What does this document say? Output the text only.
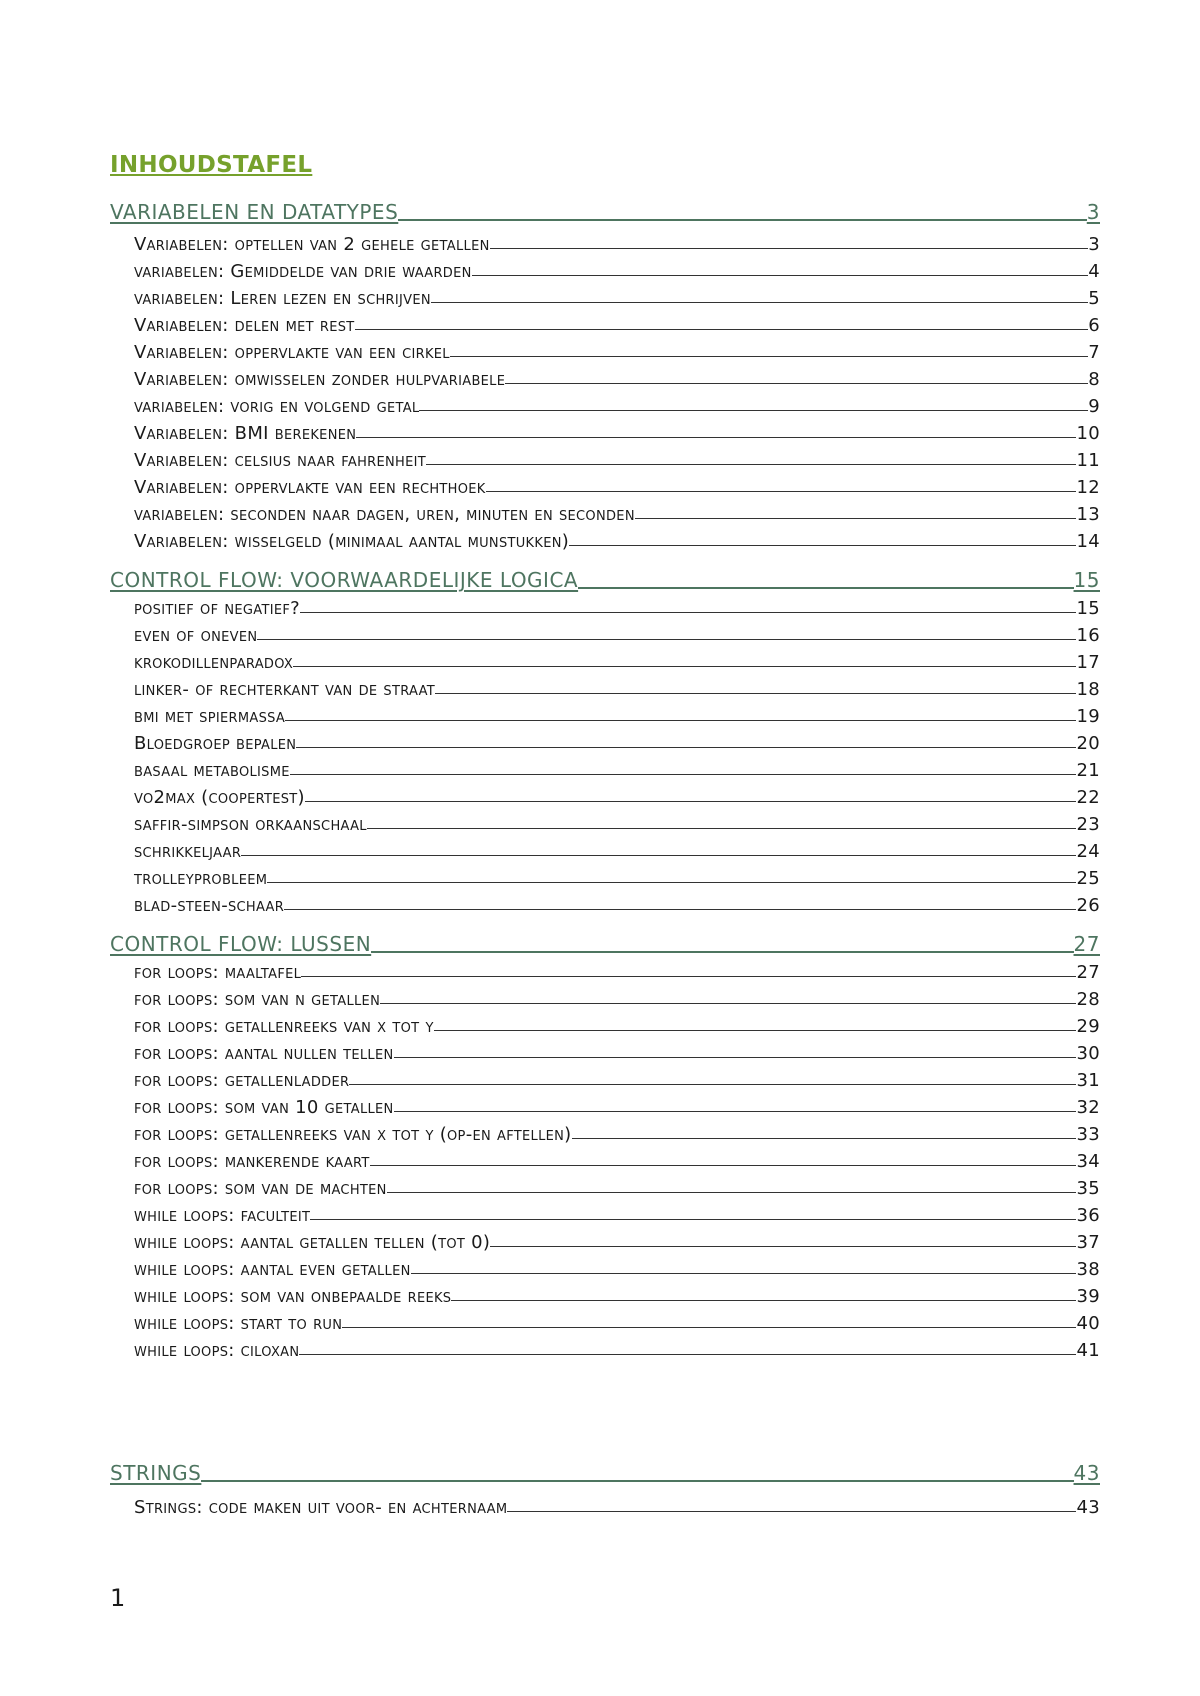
INHOUDSTAFEL
VARIABELEN EN DATATYPES	3
Variabelen: optellen van 2 gehele getallen	3
variabelen: Gemiddelde van drie waarden	4
variabelen: Leren lezen en schrijven	5
Variabelen: delen met rest	6
Variabelen: oppervlakte van een cirkel	7
Variabelen: omwisselen zonder hulpvariabele	8
variabelen: vorig en volgend getal	9
Variabelen: BMI berekenen	10
Variabelen: celsius naar fahrenheit	11
Variabelen: oppervlakte van een rechthoek	12
variabelen: seconden naar dagen, uren, minuten en seconden	13
Variabelen: wisselgeld (minimaal aantal munstukken)	14
CONTROL FLOW: VOORWAARDELIJKE LOGICA	15
positief of negatief?	15
even of oneven	16
krokodillenparadox	17
linker- of rechterkant van de straat	18
bmi met spiermassa	19
Bloedgroep bepalen	20
basaal metabolisme	21
vo2max (coopertest)	22
saffir-simpson orkaanschaal	23
schrikkeljaar	24
trolleyprobleem	25
blad-steen-schaar	26
CONTROL FLOW: LUSSEN	27
for loops: maaltafel	27
for loops: som van n getallen	28
for loops: getallenreeks van x tot y	29
for loops: aantal nullen tellen	30
for loops: getallenladder	31
for loops: som van 10 getallen	32
for loops: getallenreeks van x tot y (op-en aftellen)	33
for loops: mankerende kaart	34
for loops: som van de machten	35
while loops: faculteit	36
while loops: aantal getallen tellen (tot 0)	37
while loops: aantal even getallen	38
while loops: som van onbepaalde reeks	39
while loops: start to run	40
while loops: ciloxan	41
STRINGS	43
Strings: code maken uit voor- en achternaam	43
1
